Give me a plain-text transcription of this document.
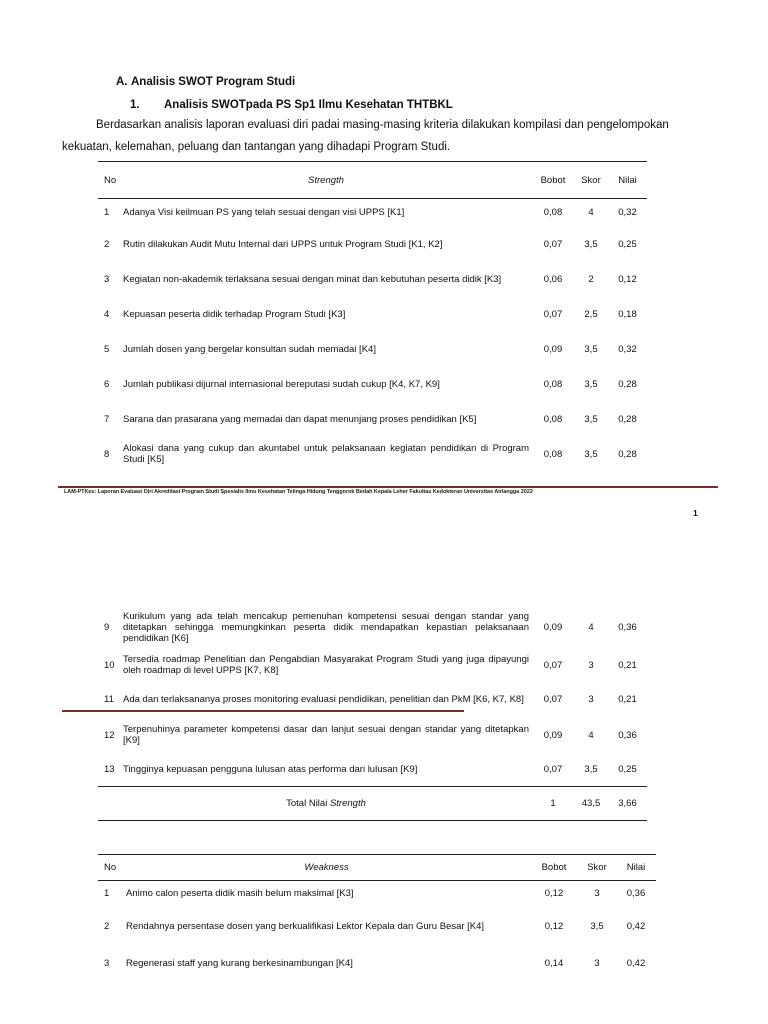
A. Analisis SWOT Program Studi
1. Analisis SWOTpada PS Sp1 Ilmu Kesehatan THTBKL
Berdasarkan analisis laporan evaluasi diri padai masing-masing kriteria dilakukan kompilasi dan pengelompokan kekuatan, kelemahan, peluang dan tantangan yang dihadapi Program Studi.
No	Strength	Bobot	Skor	Nilai
1	Adanya Visi keilmuan PS yang telah sesuai dengan visi UPPS [K1]	0,08	4	0,32
2	Rutin dilakukan Audit Mutu Internal dari UPPS untuk Program Studi [K1, K2]	0,07	3,5	0,25
3	Kegiatan non-akademik terlaksana sesuai dengan minat dan kebutuhan peserta didik [K3]	0,06	2	0,12
4	Kepuasan peserta didik terhadap Program Studi [K3]	0,07	2,5	0,18
5	Jumlah dosen yang bergelar konsultan sudah memadai [K4]	0,09	3,5	0,32
6	Jumlah publikasi dijurnal internasional bereputasi sudah cukup [K4, K7, K9]	0,08	3,5	0,28
7	Sarana dan prasarana yang memadai dan dapat menunjang proses pendidikan [K5]	0,08	3,5	0,28
8	Alokasi dana yang cukup dan akuntabel untuk pelaksanaan kegiatan pendidikan di Program Studi [K5]	0,08	3,5	0,28
LAM-PTKes: Laporan Evaluasi Diri Akreditasi Program Studi Spesialis Ilmu Kesehatan Telinga Hidung Tenggorok Bedah Kepala Leher Fakultas Kedokteran Universitas Airlangga 2022
1
9	Kurikulum yang ada telah mencakup pemenuhan kompetensi sesuai dengan standar yang ditetapkan sehingga memungkinkan peserta didik mendapatkan kepastian pelaksanaan pendidikan [K6]	0,09	4	0,36
10	Tersedia roadmap Penelitian dan Pengabdian Masyarakat Program Studi yang juga dipayungi oleh roadmap di level UPPS [K7, K8]	0,07	3	0,21
11	Ada dan terlaksananya proses monitoring evaluasi pendidikan, penelitian dan PkM [K6, K7, K8]	0,07	3	0,21
12	Terpenuhinya parameter kompetensi dasar dan lanjut sesuai dengan standar yang ditetapkan [K9]	0,09	4	0,36
13	Tingginya kepuasan pengguna lulusan atas performa dari lulusan [K9]	0,07	3,5	0,25
	Total Nilai Strength	1	43,5	3,66
No	Weakness	Bobot	Skor	Nilai
1	Animo calon peserta didik masih belum maksimal [K3]	0,12	3	0,36
2	Rendahnya persentase dosen yang berkualifikasi Lektor Kepala dan Guru Besar [K4]	0,12	3,5	0,42
3	Regenerasi staff yang kurang berkesinambungan [K4]	0,14	3	0,42
